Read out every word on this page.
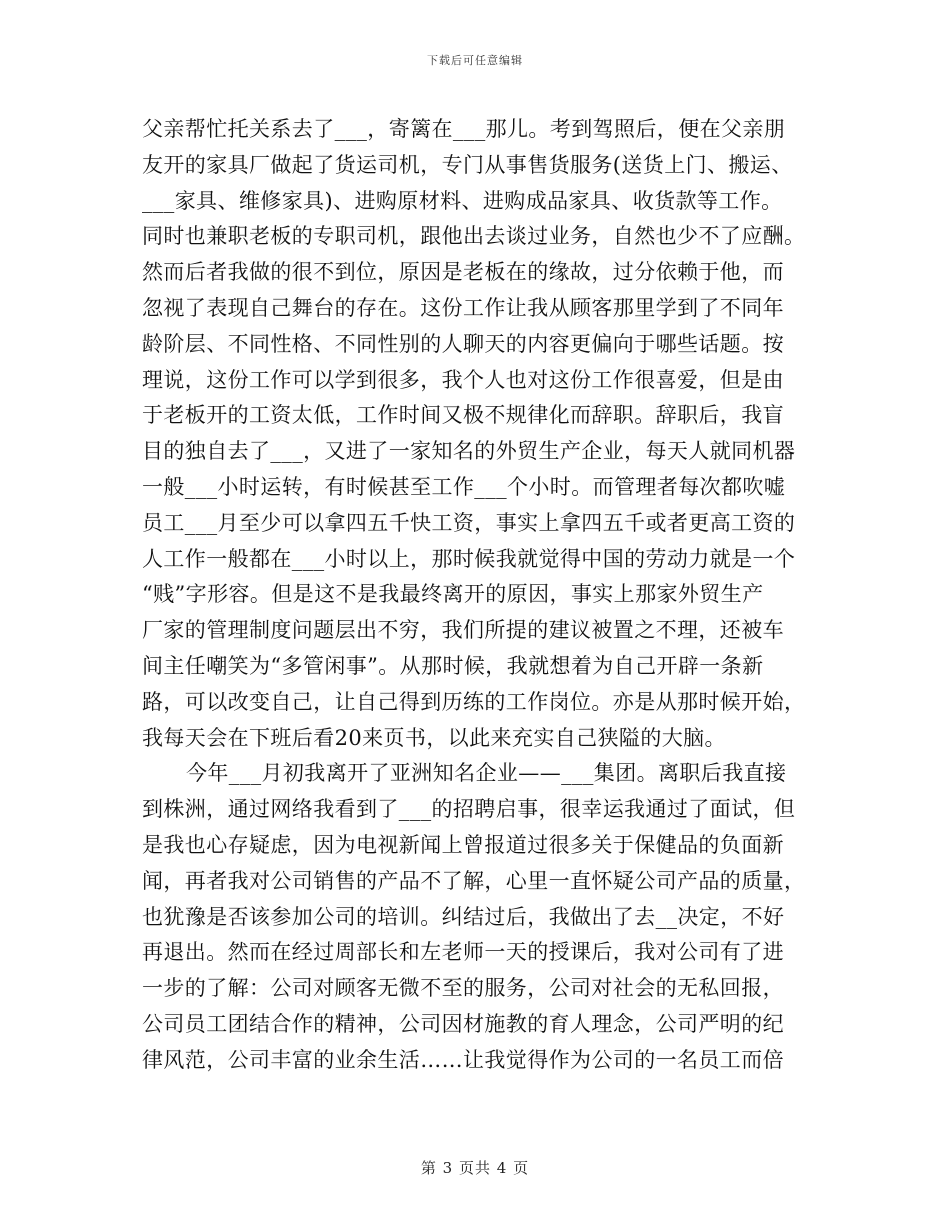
下载后可任意编辑
父亲帮忙托关系去了___，寄篱在___那儿。考到驾照后，便在父亲朋
友开的家具厂做起了货运司机，专门从事售货服务(送货上门、搬运、
___家具、维修家具)、进购原材料、进购成品家具、收货款等工作。
同时也兼职老板的专职司机，跟他出去谈过业务，自然也少不了应酬。
然而后者我做的很不到位，原因是老板在的缘故，过分依赖于他，而
忽视了表现自己舞台的存在。这份工作让我从顾客那里学到了不同年
龄阶层、不同性格、不同性别的人聊天的内容更偏向于哪些话题。按
理说，这份工作可以学到很多，我个人也对这份工作很喜爱，但是由
于老板开的工资太低，工作时间又极不规律化而辞职。辞职后，我盲
目的独自去了___，又进了一家知名的外贸生产企业，每天人就同机器
一般___小时运转，有时候甚至工作___个小时。而管理者每次都吹嘘
员工___月至少可以拿四五千快工资，事实上拿四五千或者更高工资的
人工作一般都在___小时以上，那时候我就觉得中国的劳动力就是一个
“贱”字形容。但是这不是我最终离开的原因，事实上那家外贸生产
厂家的管理制度问题层出不穷，我们所提的建议被置之不理，还被车
间主任嘲笑为“多管闲事”。从那时候，我就想着为自己开辟一条新
路，可以改变自己，让自己得到历练的工作岗位。亦是从那时候开始，
我每天会在下班后看20来页书，以此来充实自己狭隘的大脑。
今年___月初我离开了亚洲知名企业——___集团。离职后我直接
到株洲，通过网络我看到了___的招聘启事，很幸运我通过了面试，但
是我也心存疑虑，因为电视新闻上曾报道过很多关于保健品的负面新
闻，再者我对公司销售的产品不了解，心里一直怀疑公司产品的质量，
也犹豫是否该参加公司的培训。纠结过后，我做出了去__决定，不好
再退出。然而在经过周部长和左老师一天的授课后，我对公司有了进
一步的了解：公司对顾客无微不至的服务，公司对社会的无私回报，
公司员工团结合作的精神，公司因材施教的育人理念，公司严明的纪
律风范，公司丰富的业余生活……让我觉得作为公司的一名员工而倍
第 3 页共 4 页
